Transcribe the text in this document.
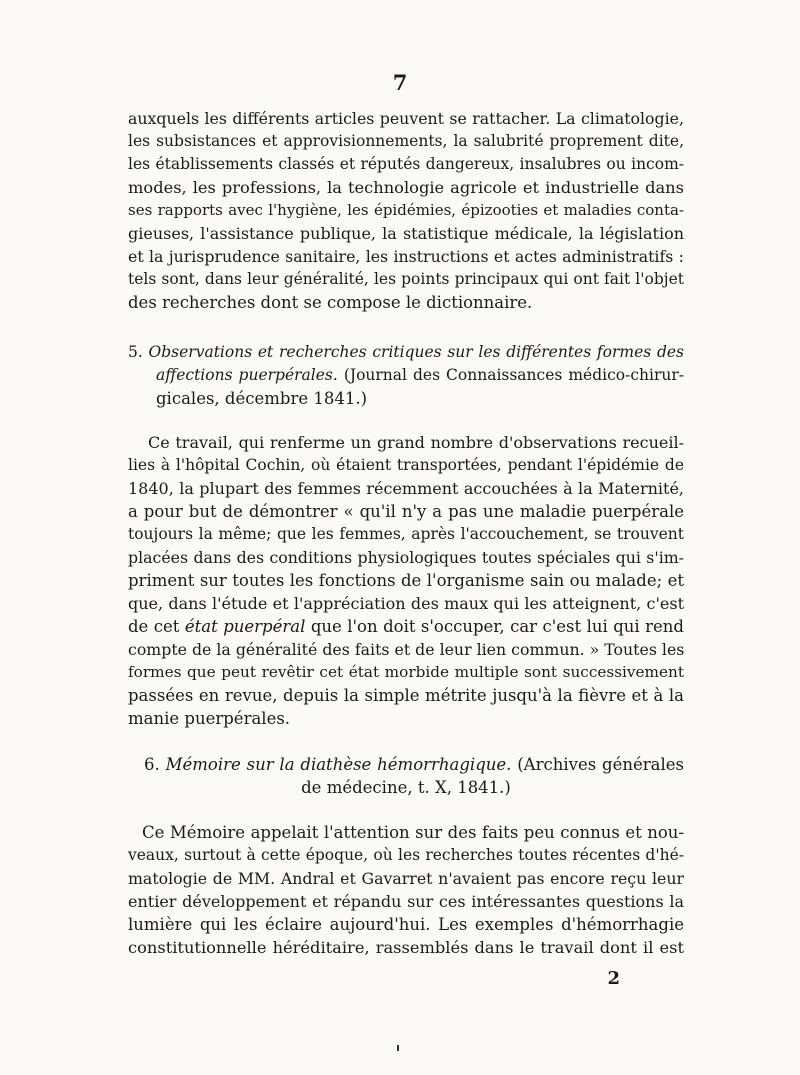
7
auxquels les différents articles peuvent se rattacher. La climatologie,
les subsistances et approvisionnements, la salubrité proprement dite,
les établissements classés et réputés dangereux, insalubres ou incom-
modes, les professions, la technologie agricole et industrielle dans
ses rapports avec l'hygiène, les épidémies, épizooties et maladies conta-
gieuses, l'assistance publique, la statistique médicale, la législation
et la jurisprudence sanitaire, les instructions et actes administratifs :
tels sont, dans leur généralité, les points principaux qui ont fait l'objet
des recherches dont se compose le dictionnaire.
5. Observations et recherches critiques sur les différentes formes des
affections puerpérales. (Journal des Connaissances médico-chirur-
gicales, décembre 1841.)
Ce travail, qui renferme un grand nombre d'observations recueil-
lies à l'hôpital Cochin, où étaient transportées, pendant l'épidémie de
1840, la plupart des femmes récemment accouchées à la Maternité,
a pour but de démontrer « qu'il n'y a pas une maladie puerpérale
toujours la même; que les femmes, après l'accouchement, se trouvent
placées dans des conditions physiologiques toutes spéciales qui s'im-
priment sur toutes les fonctions de l'organisme sain ou malade; et
que, dans l'étude et l'appréciation des maux qui les atteignent, c'est
de cet état puerpéral que l'on doit s'occuper, car c'est lui qui rend
compte de la généralité des faits et de leur lien commun. » Toutes les
formes que peut revêtir cet état morbide multiple sont successivement
passées en revue, depuis la simple métrite jusqu'à la fièvre et à la
manie puerpérales.
6. Mémoire sur la diathèse hémorrhagique. (Archives générales
de médecine, t. X, 1841.)
Ce Mémoire appelait l'attention sur des faits peu connus et nou-
veaux, surtout à cette époque, où les recherches toutes récentes d'hé-
matologie de MM. Andral et Gavarret n'avaient pas encore reçu leur
entier développement et répandu sur ces intéressantes questions la
lumière qui les éclaire aujourd'hui. Les exemples d'hémorrhagie
constitutionnelle héréditaire, rassemblés dans le travail dont il est
2
